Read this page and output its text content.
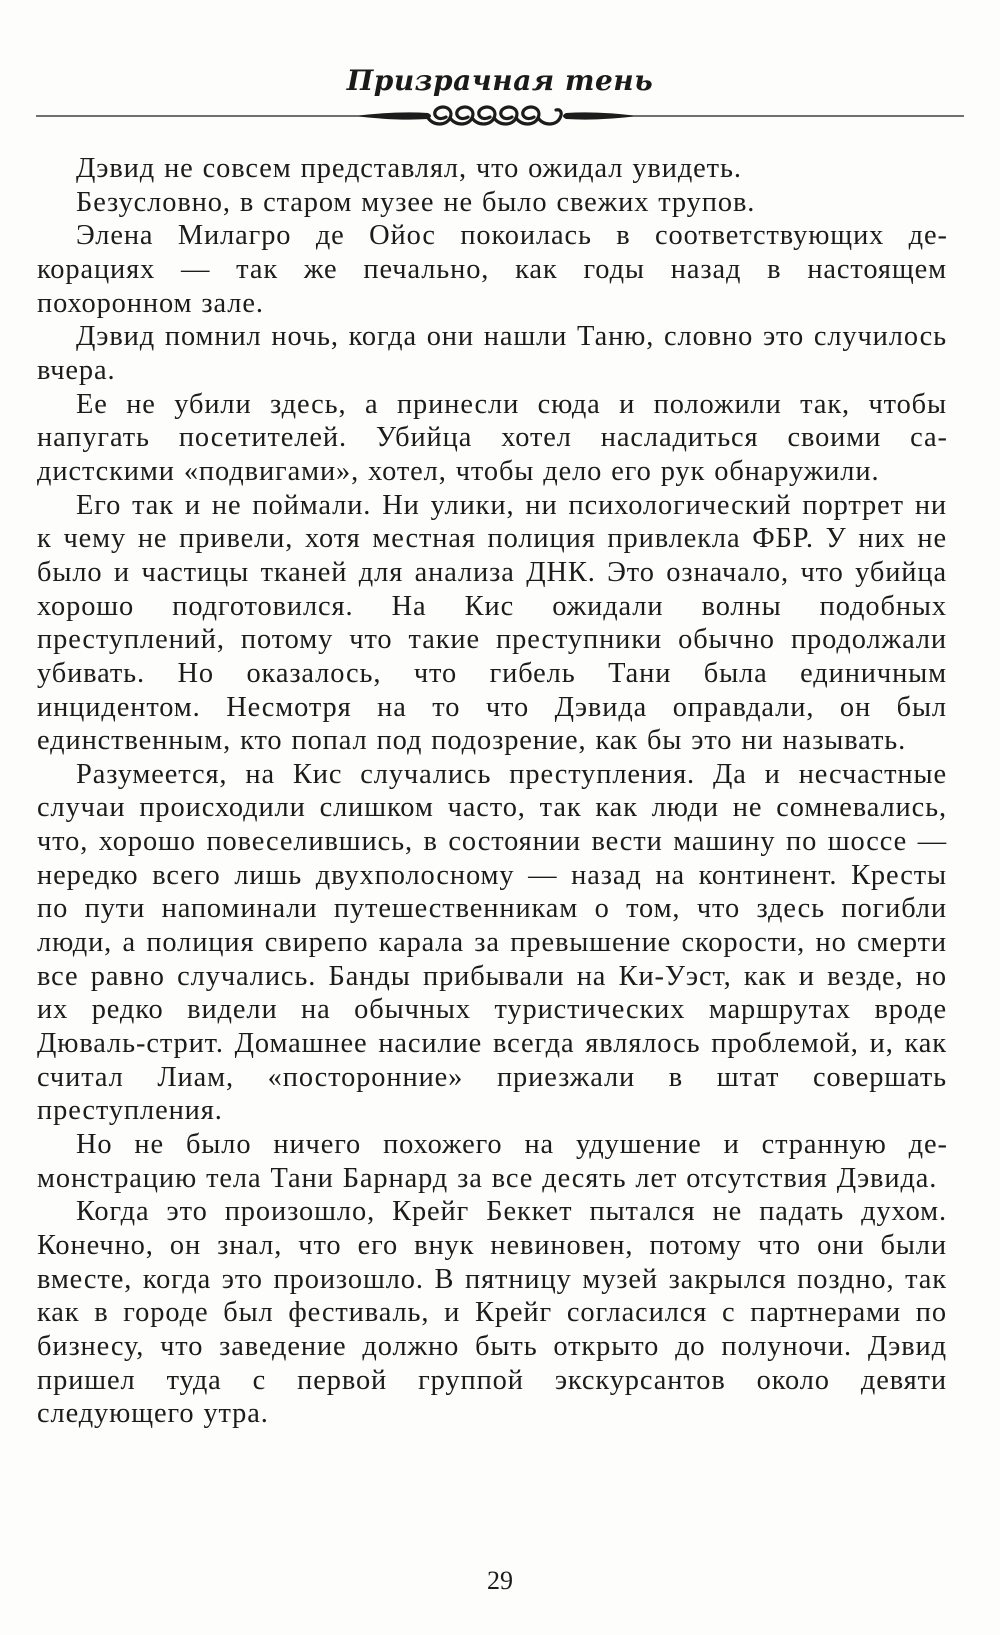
Призрачная тень

Дэвид не совсем представлял, что ожидал увидеть.

Безусловно, в старом музее не было свежих трупов.

Элена Милагро де Ойос покоилась в соответствующих декорациях — так же печально, как годы назад в настоящем похоронном зале.

Дэвид помнил ночь, когда они нашли Таню, словно это случилось вчера.

Ее не убили здесь, а принесли сюда и положили так, чтобы напугать посетителей. Убийца хотел насладиться своими садистскими «подвигами», хотел, чтобы дело его рук обнаружили.

Его так и не поймали. Ни улики, ни психологический портрет ни к чему не привели, хотя местная полиция привлекла ФБР. У них не было и частицы тканей для анализа ДНК. Это означало, что убийца хорошо подготовился. На Кис ожидали волны подобных преступлений, потому что такие преступники обычно продолжали убивать. Но оказалось, что гибель Тани была единичным инцидентом. Несмотря на то что Дэвида оправдали, он был единственным, кто попал под подозрение, как бы это ни называть.

Разумеется, на Кис случались преступления. Да и несчастные случаи происходили слишком часто, так как люди не сомневались, что, хорошо повеселившись, в состоянии вести машину по шоссе — нередко всего лишь двухполосному — назад на континент. Кресты по пути напоминали путешественникам о том, что здесь погибли люди, а полиция свирепо карала за превышение скорости, но смерти все равно случались. Банды прибывали на Ки-Уэст, как и везде, но их редко видели на обычных туристических маршрутах вроде Дюваль-стрит. Домашнее насилие всегда являлось проблемой, и, как считал Лиам, «посторонние» приезжали в штат совершать преступления.

Но не было ничего похожего на удушение и странную демонстрацию тела Тани Барнард за все десять лет отсутствия Дэвида.

Когда это произошло, Крейг Беккет пытался не падать духом. Конечно, он знал, что его внук невиновен, потому что они были вместе, когда это произошло. В пятницу музей закрылся поздно, так как в городе был фестиваль, и Крейг согласился с партнерами по бизнесу, что заведение должно быть открыто до полуночи. Дэвид пришел туда с первой группой экскурсантов около девяти следующего утра.

29
